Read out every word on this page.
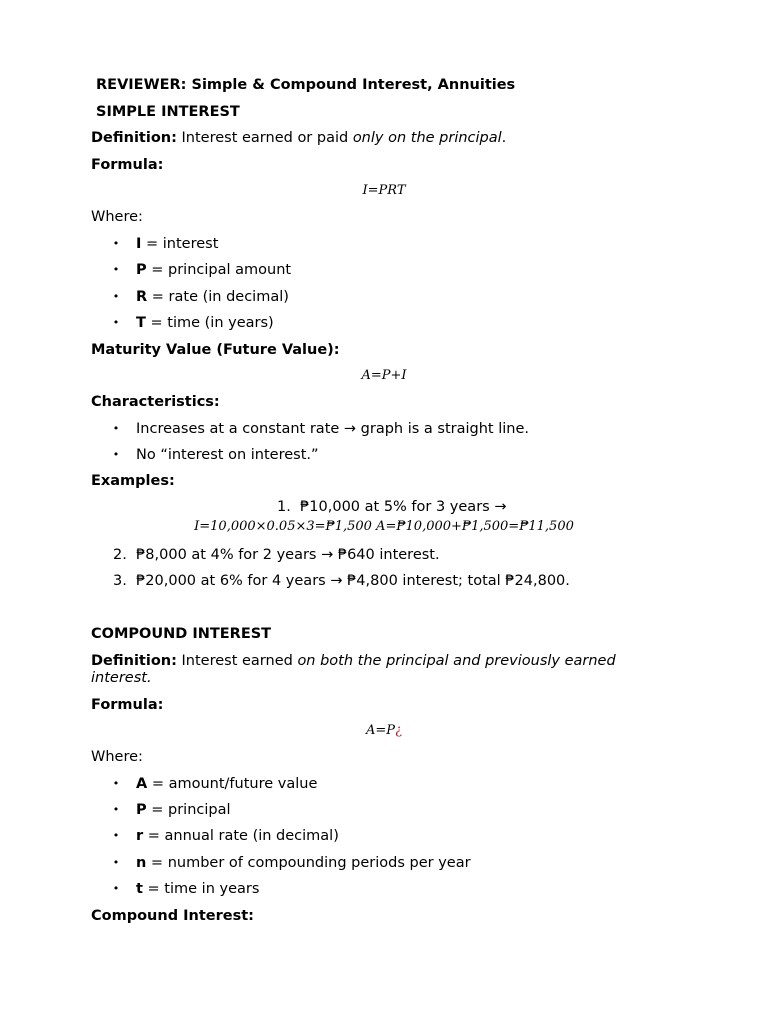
REVIEWER: Simple & Compound Interest, Annuities
SIMPLE INTEREST
Definition: Interest earned or paid only on the principal.
Formula:
I=PRT
Where:
• I = interest
• P = principal amount
• R = rate (in decimal)
• T = time (in years)
Maturity Value (Future Value):
A=P+I
Characteristics:
• Increases at a constant rate → graph is a straight line.
• No “interest on interest.”
Examples:
1. ₱10,000 at 5% for 3 years →
I=10,000×0.05×3=₱1,500 A=₱10,000+₱1,500=₱11,500
2. ₱8,000 at 4% for 2 years → ₱640 interest.
3. ₱20,000 at 6% for 4 years → ₱4,800 interest; total ₱24,800.
COMPOUND INTEREST
Definition: Interest earned on both the principal and previously earned
interest.
Formula:
A=P¿
Where:
• A = amount/future value
• P = principal
• r = annual rate (in decimal)
• n = number of compounding periods per year
• t = time in years
Compound Interest:
